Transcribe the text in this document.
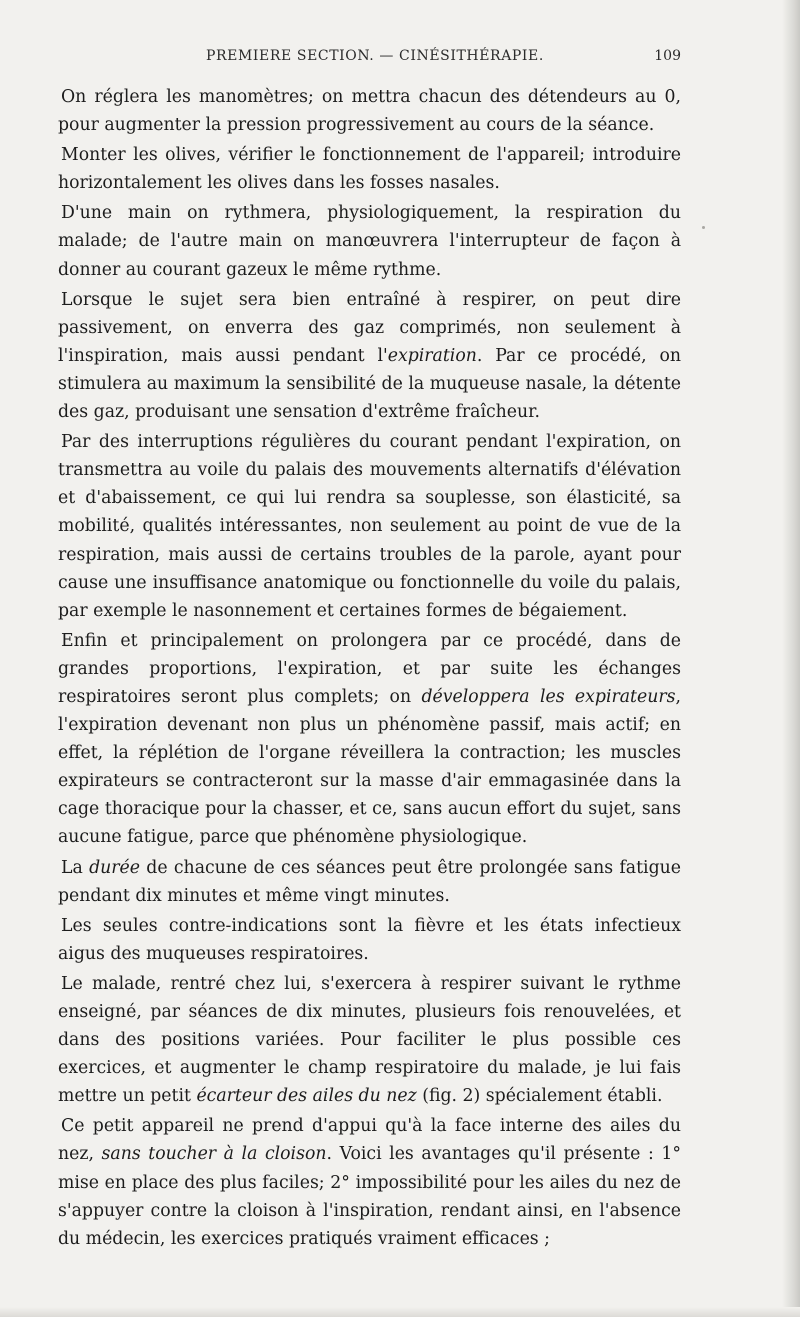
PREMIERE SECTION. — CINÉSITHÉRAPIE.	109

On réglera les manomètres; on mettra chacun des détendeurs au 0, pour augmenter la pression progressivement au cours de la séance.

Monter les olives, vérifier le fonctionnement de l'appareil; introduire horizontalement les olives dans les fosses nasales.

D'une main on rythmera, physiologiquement, la respiration du malade; de l'autre main on manœuvrera l'interrupteur de façon à donner au courant gazeux le même rythme.

Lorsque le sujet sera bien entraîné à respirer, on peut dire passivement, on enverra des gaz comprimés, non seulement à l'inspiration, mais aussi pendant l'expiration. Par ce procédé, on stimulera au maximum la sensibilité de la muqueuse nasale, la détente des gaz, produisant une sensation d'extrême fraîcheur.

Par des interruptions régulières du courant pendant l'expiration, on transmettra au voile du palais des mouvements alternatifs d'élévation et d'abaissement, ce qui lui rendra sa souplesse, son élasticité, sa mobilité, qualités intéressantes, non seulement au point de vue de la respiration, mais aussi de certains troubles de la parole, ayant pour cause une insuffisance anatomique ou fonctionnelle du voile du palais, par exemple le nasonnement et certaines formes de bégaiement.

Enfin et principalement on prolongera par ce procédé, dans de grandes proportions, l'expiration, et par suite les échanges respiratoires seront plus complets; on développera les expirateurs, l'expiration devenant non plus un phénomène passif, mais actif; en effet, la réplétion de l'organe réveillera la contraction; les muscles expirateurs se contracteront sur la masse d'air emmagasinée dans la cage thoracique pour la chasser, et ce, sans aucun effort du sujet, sans aucune fatigue, parce que phénomène physiologique.

La durée de chacune de ces séances peut être prolongée sans fatigue pendant dix minutes et même vingt minutes.

Les seules contre-indications sont la fièvre et les états infectieux aigus des muqueuses respiratoires.

Le malade, rentré chez lui, s'exercera à respirer suivant le rythme enseigné, par séances de dix minutes, plusieurs fois renouvelées, et dans des positions variées. Pour faciliter le plus possible ces exercices, et augmenter le champ respiratoire du malade, je lui fais mettre un petit écarteur des ailes du nez (fig. 2) spécialement établi.

Ce petit appareil ne prend d'appui qu'à la face interne des ailes du nez, sans toucher à la cloison. Voici les avantages qu'il présente : 1° mise en place des plus faciles; 2° impossibilité pour les ailes du nez de s'appuyer contre la cloison à l'inspiration, rendant ainsi, en l'absence du médecin, les exercices pratiqués vraiment efficaces ;
